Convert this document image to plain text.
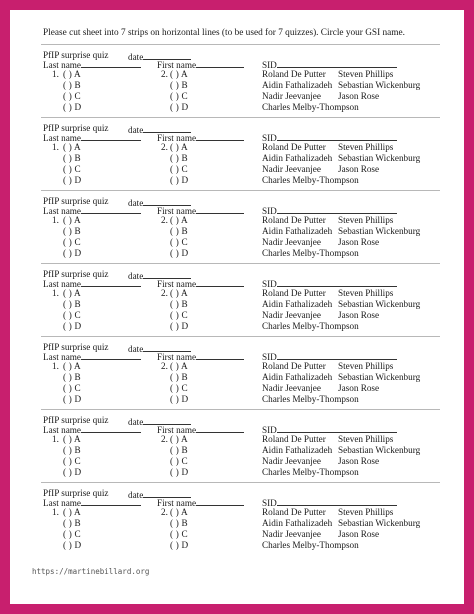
Please cut sheet into 7 strips on horizontal lines (to be used for 7 quizzes). Circle your GSI name.
PfIP surprise quiz date
Last name	First name	SID
1.	2.
( ) A	( ) A	Roland De Putter Steven Phillips
( ) B	( ) B	Aidin Fathalizadeh Sebastian Wickenburg
( ) C	( ) C	Nadir Jeevanjee Jason Rose
( ) D	( ) D	Charles Melby-Thompson
PfIP surprise quiz date
Last name	First name	SID
1.	2.
( ) A	( ) A	Roland De Putter Steven Phillips
( ) B	( ) B	Aidin Fathalizadeh Sebastian Wickenburg
( ) C	( ) C	Nadir Jeevanjee Jason Rose
( ) D	( ) D	Charles Melby-Thompson
PfIP surprise quiz date
Last name	First name	SID
1.	2.
( ) A	( ) A	Roland De Putter Steven Phillips
( ) B	( ) B	Aidin Fathalizadeh Sebastian Wickenburg
( ) C	( ) C	Nadir Jeevanjee Jason Rose
( ) D	( ) D	Charles Melby-Thompson
PfIP surprise quiz date
Last name	First name	SID
1.	2.
( ) A	( ) A	Roland De Putter Steven Phillips
( ) B	( ) B	Aidin Fathalizadeh Sebastian Wickenburg
( ) C	( ) C	Nadir Jeevanjee Jason Rose
( ) D	( ) D	Charles Melby-Thompson
PfIP surprise quiz date
Last name	First name	SID
1.	2.
( ) A	( ) A	Roland De Putter Steven Phillips
( ) B	( ) B	Aidin Fathalizadeh Sebastian Wickenburg
( ) C	( ) C	Nadir Jeevanjee Jason Rose
( ) D	( ) D	Charles Melby-Thompson
PfIP surprise quiz date
Last name	First name	SID
1.	2.
( ) A	( ) A	Roland De Putter Steven Phillips
( ) B	( ) B	Aidin Fathalizadeh Sebastian Wickenburg
( ) C	( ) C	Nadir Jeevanjee Jason Rose
( ) D	( ) D	Charles Melby-Thompson
PfIP surprise quiz date
Last name	First name	SID
1.	2.
( ) A	( ) A	Roland De Putter Steven Phillips
( ) B	( ) B	Aidin Fathalizadeh Sebastian Wickenburg
( ) C	( ) C	Nadir Jeevanjee Jason Rose
( ) D	( ) D	Charles Melby-Thompson
https://martinebillard.org
